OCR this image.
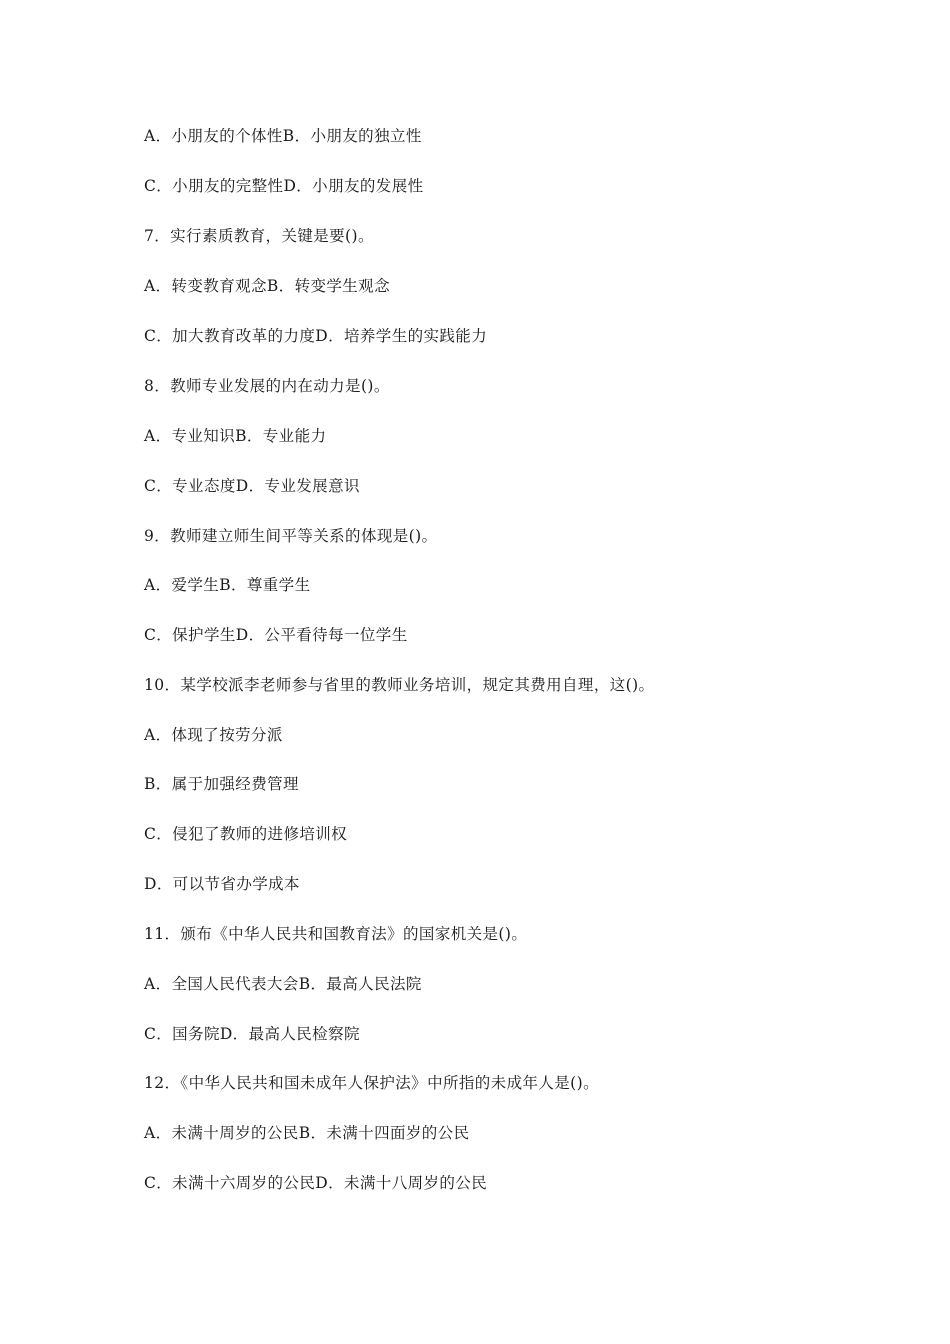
A．小朋友的个体性B．小朋友的独立性
C．小朋友的完整性D．小朋友的发展性
7．实行素质教育，关键是要()。
A．转变教育观念B．转变学生观念
C．加大教育改革的力度D．培养学生的实践能力
8．教师专业发展的内在动力是()。
A．专业知识B．专业能力
C．专业态度D．专业发展意识
9．教师建立师生间平等关系的体现是()。
A．爱学生B．尊重学生
C．保护学生D．公平看待每一位学生
10．某学校派李老师参与省里的教师业务培训，规定其费用自理，这()。
A．体现了按劳分派
B．属于加强经费管理
C．侵犯了教师的进修培训权
D．可以节省办学成本
11．颁布《中华人民共和国教育法》的国家机关是()。
A．全国人民代表大会B．最高人民法院
C．国务院D．最高人民检察院
12．《中华人民共和国未成年人保护法》中所指的未成年人是()。
A．未满十周岁的公民B．未满十四面岁的公民
C．未满十六周岁的公民D．未满十八周岁的公民
